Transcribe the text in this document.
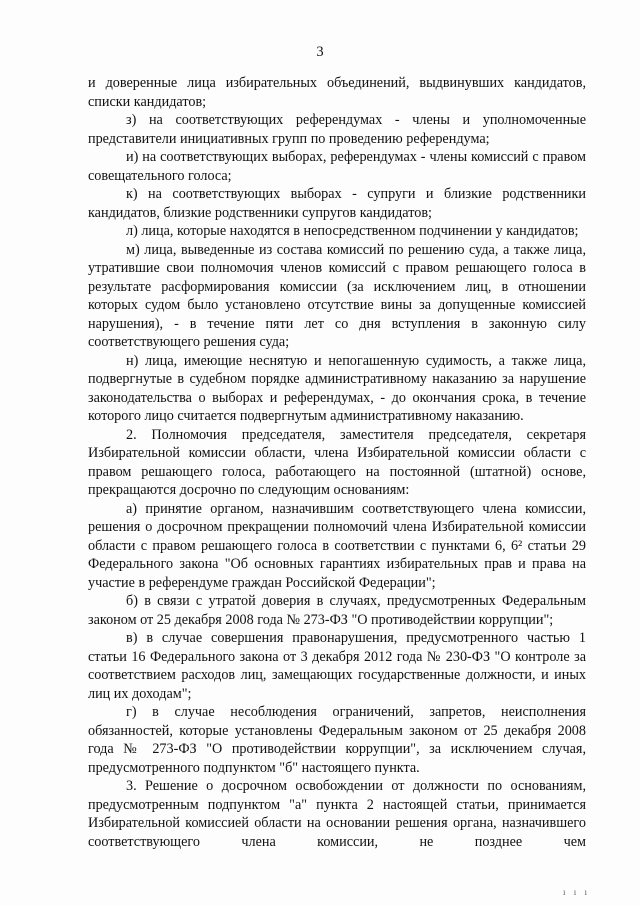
3

и доверенные лица избирательных объединений, выдвинувших кандидатов, списки кандидатов;

з) на соответствующих референдумах - члены и уполномоченные представители инициативных групп по проведению референдума;

и) на соответствующих выборах, референдумах - члены комиссий с правом совещательного голоса;

к) на соответствующих выборах - супруги и близкие родственники кандидатов, близкие родственники супругов кандидатов;

л) лица, которые находятся в непосредственном подчинении у кандидатов;

м) лица, выведенные из состава комиссий по решению суда, а также лица, утратившие свои полномочия членов комиссий с правом решающего голоса в результате расформирования комиссии (за исключением лиц, в отношении которых судом было установлено отсутствие вины за допущенные комиссией нарушения), - в течение пяти лет со дня вступления в законную силу соответствующего решения суда;

н) лица, имеющие неснятую и непогашенную судимость, а также лица, подвергнутые в судебном порядке административному наказанию за нарушение законодательства о выборах и референдумах, - до окончания срока, в течение которого лицо считается подвергнутым административному наказанию.

2. Полномочия председателя, заместителя председателя, секретаря Избирательной комиссии области, члена Избирательной комиссии области с правом решающего голоса, работающего на постоянной (штатной) основе, прекращаются досрочно по следующим основаниям:

а) принятие органом, назначившим соответствующего члена комиссии, решения о досрочном прекращении полномочий члена Избирательной комиссии области с правом решающего голоса в соответствии с пунктами 6, 6² статьи 29 Федерального закона "Об основных гарантиях избирательных прав и права на участие в референдуме граждан Российской Федерации";

б) в связи с утратой доверия в случаях, предусмотренных Федеральным законом от 25 декабря 2008 года № 273-ФЗ "О противодействии коррупции";

в) в случае совершения правонарушения, предусмотренного частью 1 статьи 16 Федерального закона от 3 декабря 2012 года № 230-ФЗ "О контроле за соответствием расходов лиц, замещающих государственные должности, и иных лиц их доходам";

г) в случае несоблюдения ограничений, запретов, неисполнения обязанностей, которые установлены Федеральным законом от 25 декабря 2008 года № 273-ФЗ "О противодействии коррупции", за исключением случая, предусмотренного подпунктом "б" настоящего пункта.

3. Решение о досрочном освобождении от должности по основаниям, предусмотренным подпунктом "а" пункта 2 настоящей статьи, принимается Избирательной комиссией области на основании решения органа, назначившего соответствующего члена комиссии, не позднее чем

ı ı ı
